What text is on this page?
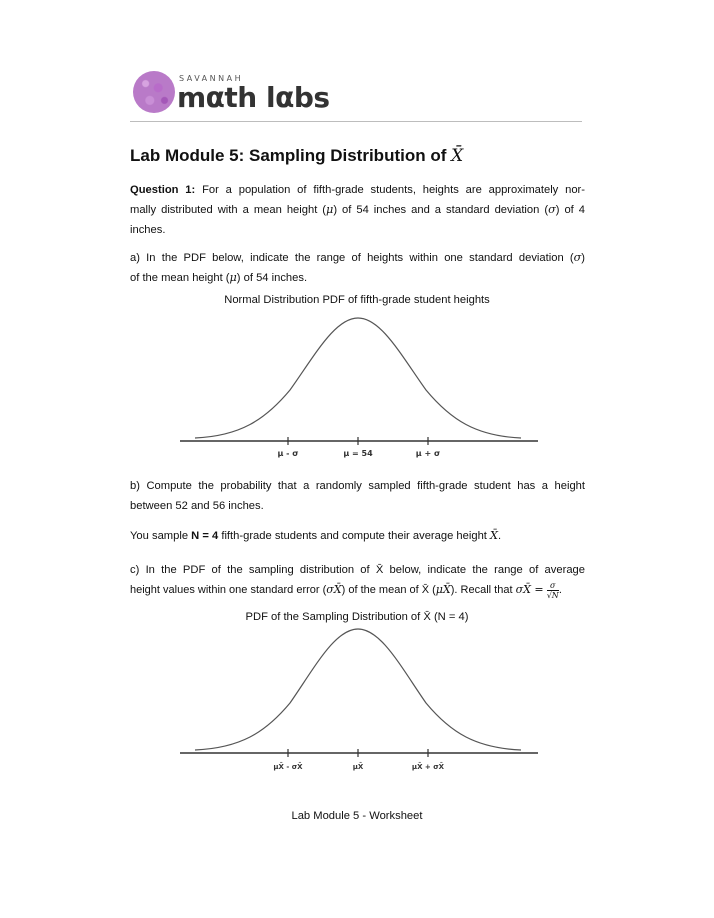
SAVANNAH
mαth lαbs
Lab Module 5: Sampling Distribution of X̄
Question 1: For a population of fifth-grade students, heights are approximately nor-
mally distributed with a mean height (μ) of 54 inches and a standard deviation (σ) of 4
inches.
a) In the PDF below, indicate the range of heights within one standard deviation (σ)
of the mean height (μ) of 54 inches.
Normal Distribution PDF of fifth-grade student heights
μ - σ	μ = 54	μ + σ
b) Compute the probability that a randomly sampled fifth-grade student has a height
between 52 and 56 inches.
You sample N = 4 fifth-grade students and compute their average height X̄.
c) In the PDF of the sampling distribution of X̄ below, indicate the range of average
height values within one standard error (σX̄) of the mean of X̄ (μX̄). Recall that σX̄ = $\frac{\sigma}{√N}$ .
PDF of the Sampling Distribution of X̄ (N = 4)
μX̄ - σX̄	μX̄	μX̄ + σX̄
Lab Module 5 - Worksheet
